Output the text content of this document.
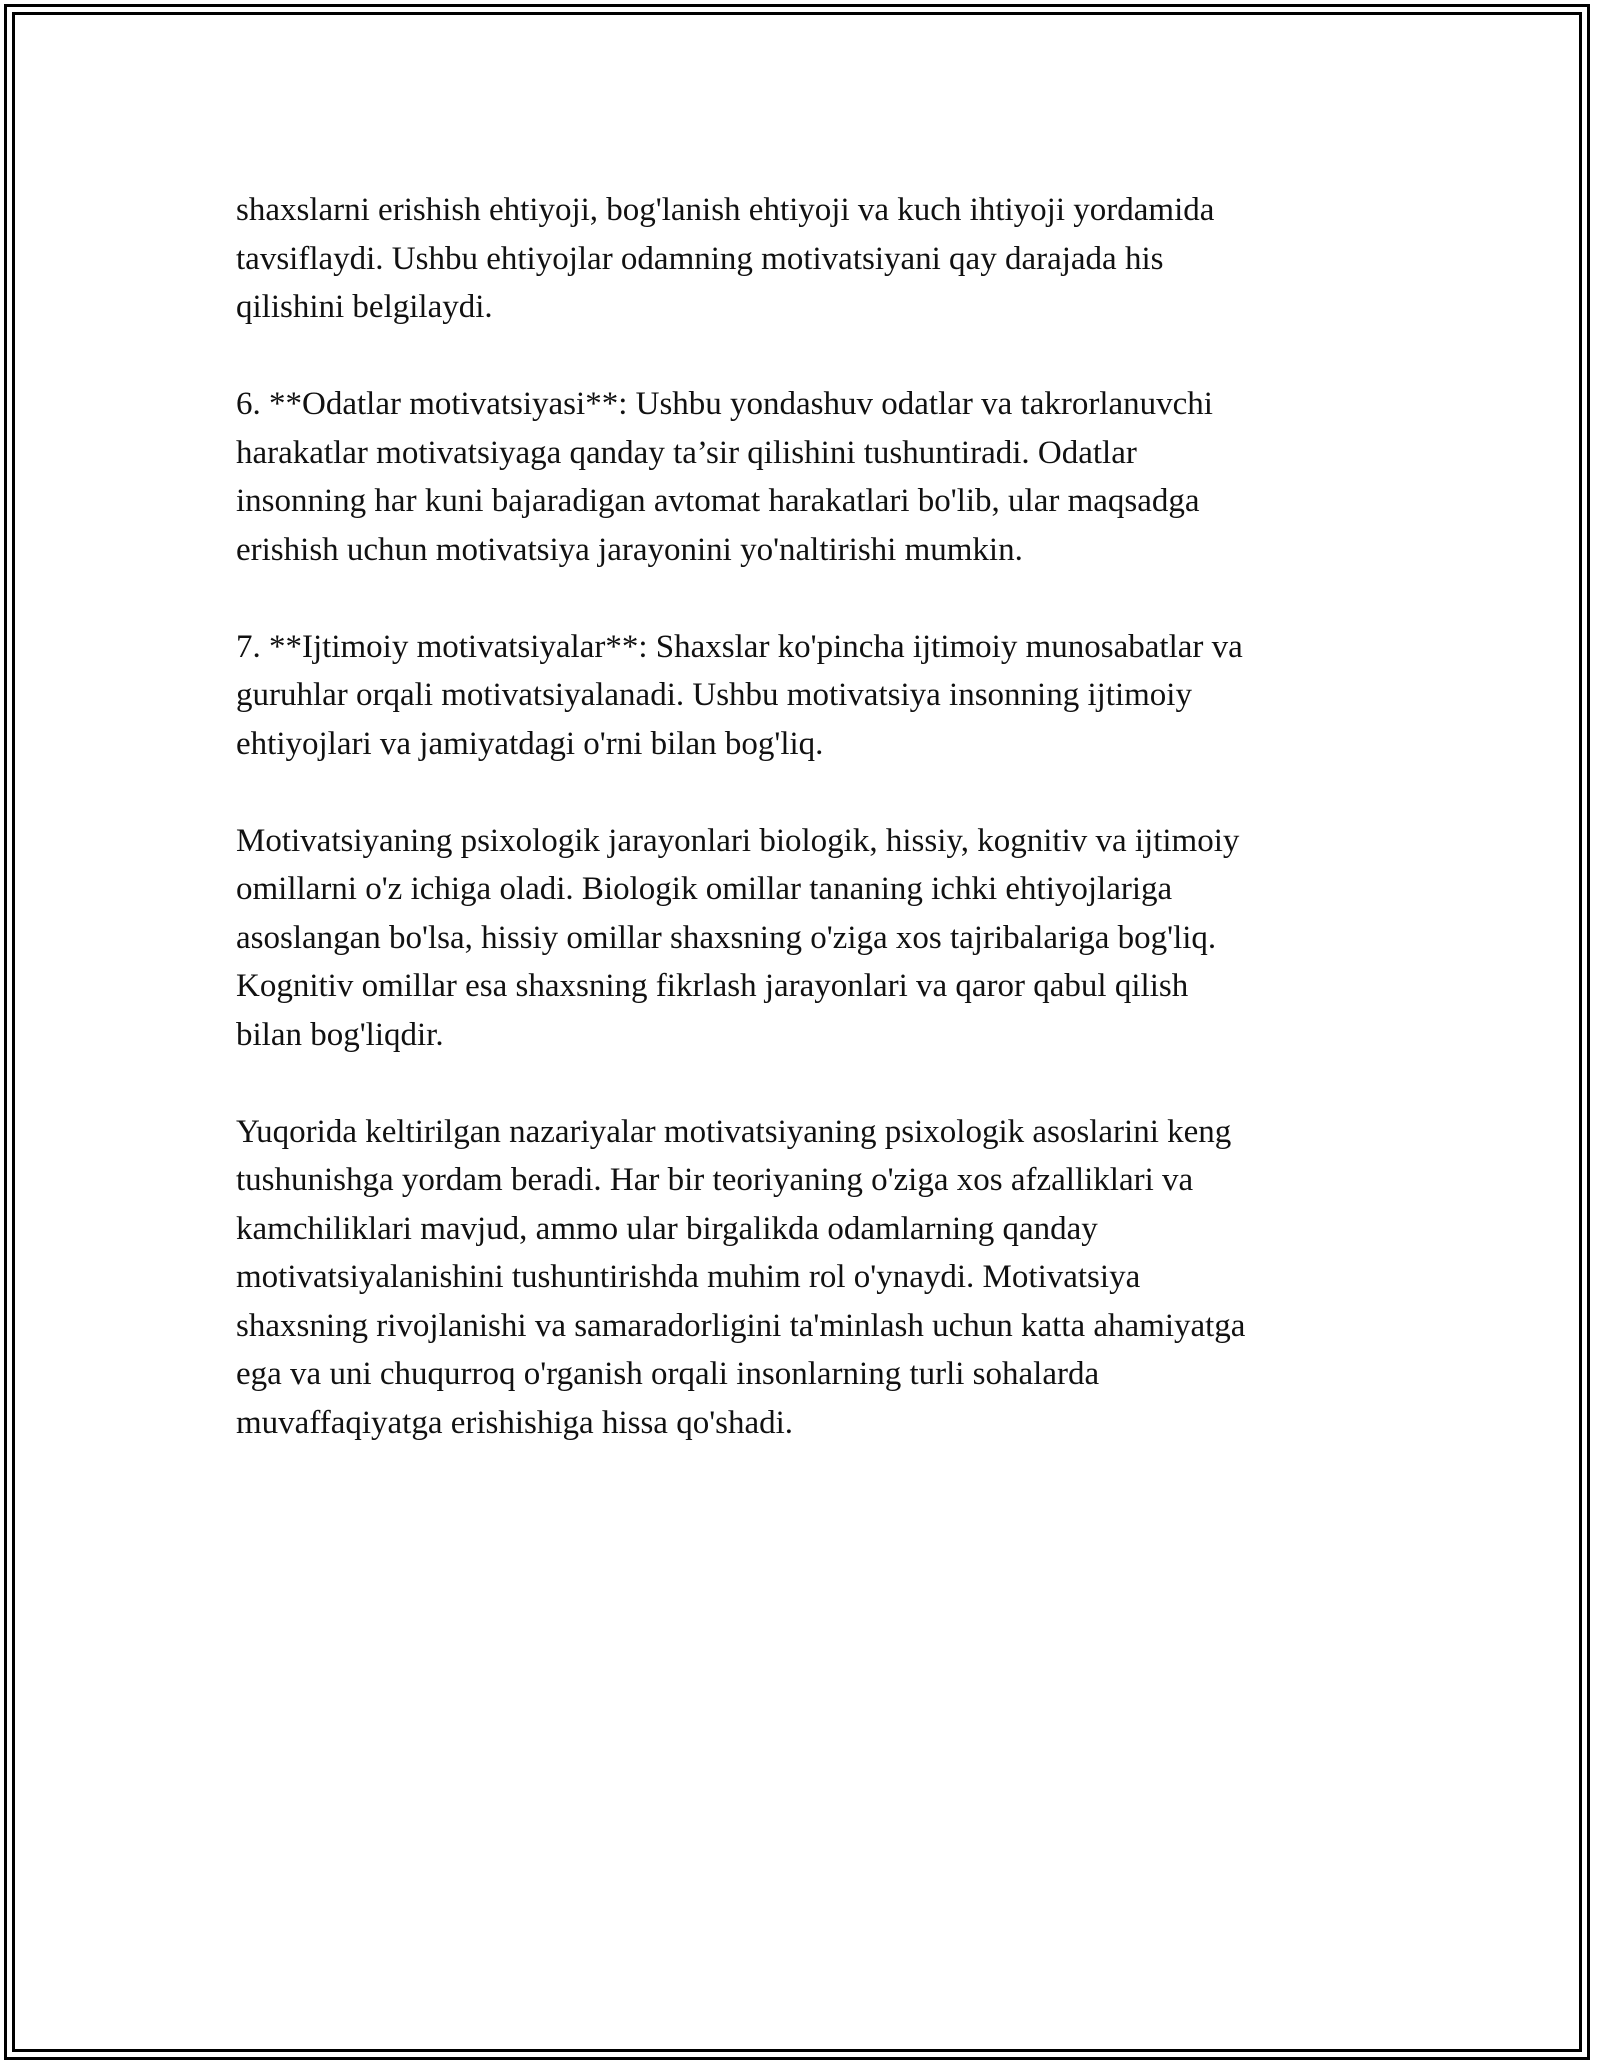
shaxslarni erishish ehtiyoji, bog'lanish ehtiyoji va kuch ihtiyoji yordamida
tavsiflaydi. Ushbu ehtiyojlar odamning motivatsiyani qay darajada his
qilishini belgilaydi.

6. **Odatlar motivatsiyasi**: Ushbu yondashuv odatlar va takrorlanuvchi
harakatlar motivatsiyaga qanday ta’sir qilishini tushuntiradi. Odatlar
insonning har kuni bajaradigan avtomat harakatlari bo'lib, ular maqsadga
erishish uchun motivatsiya jarayonini yo'naltirishi mumkin.

7. **Ijtimoiy motivatsiyalar**: Shaxslar ko'pincha ijtimoiy munosabatlar va
guruhlar orqali motivatsiyalanadi. Ushbu motivatsiya insonning ijtimoiy
ehtiyojlari va jamiyatdagi o'rni bilan bog'liq.

Motivatsiyaning psixologik jarayonlari biologik, hissiy, kognitiv va ijtimoiy
omillarni o'z ichiga oladi. Biologik omillar tananing ichki ehtiyojlariga
asoslangan bo'lsa, hissiy omillar shaxsning o'ziga xos tajribalariga bog'liq.
Kognitiv omillar esa shaxsning fikrlash jarayonlari va qaror qabul qilish
bilan bog'liqdir.

Yuqorida keltirilgan nazariyalar motivatsiyaning psixologik asoslarini keng
tushunishga yordam beradi. Har bir teoriyaning o'ziga xos afzalliklari va
kamchiliklari mavjud, ammo ular birgalikda odamlarning qanday
motivatsiyalanishini tushuntirishda muhim rol o'ynaydi. Motivatsiya
shaxsning rivojlanishi va samaradorligini ta'minlash uchun katta ahamiyatga
ega va uni chuqurroq o'rganish orqali insonlarning turli sohalarda
muvaffaqiyatga erishishiga hissa qo'shadi.
